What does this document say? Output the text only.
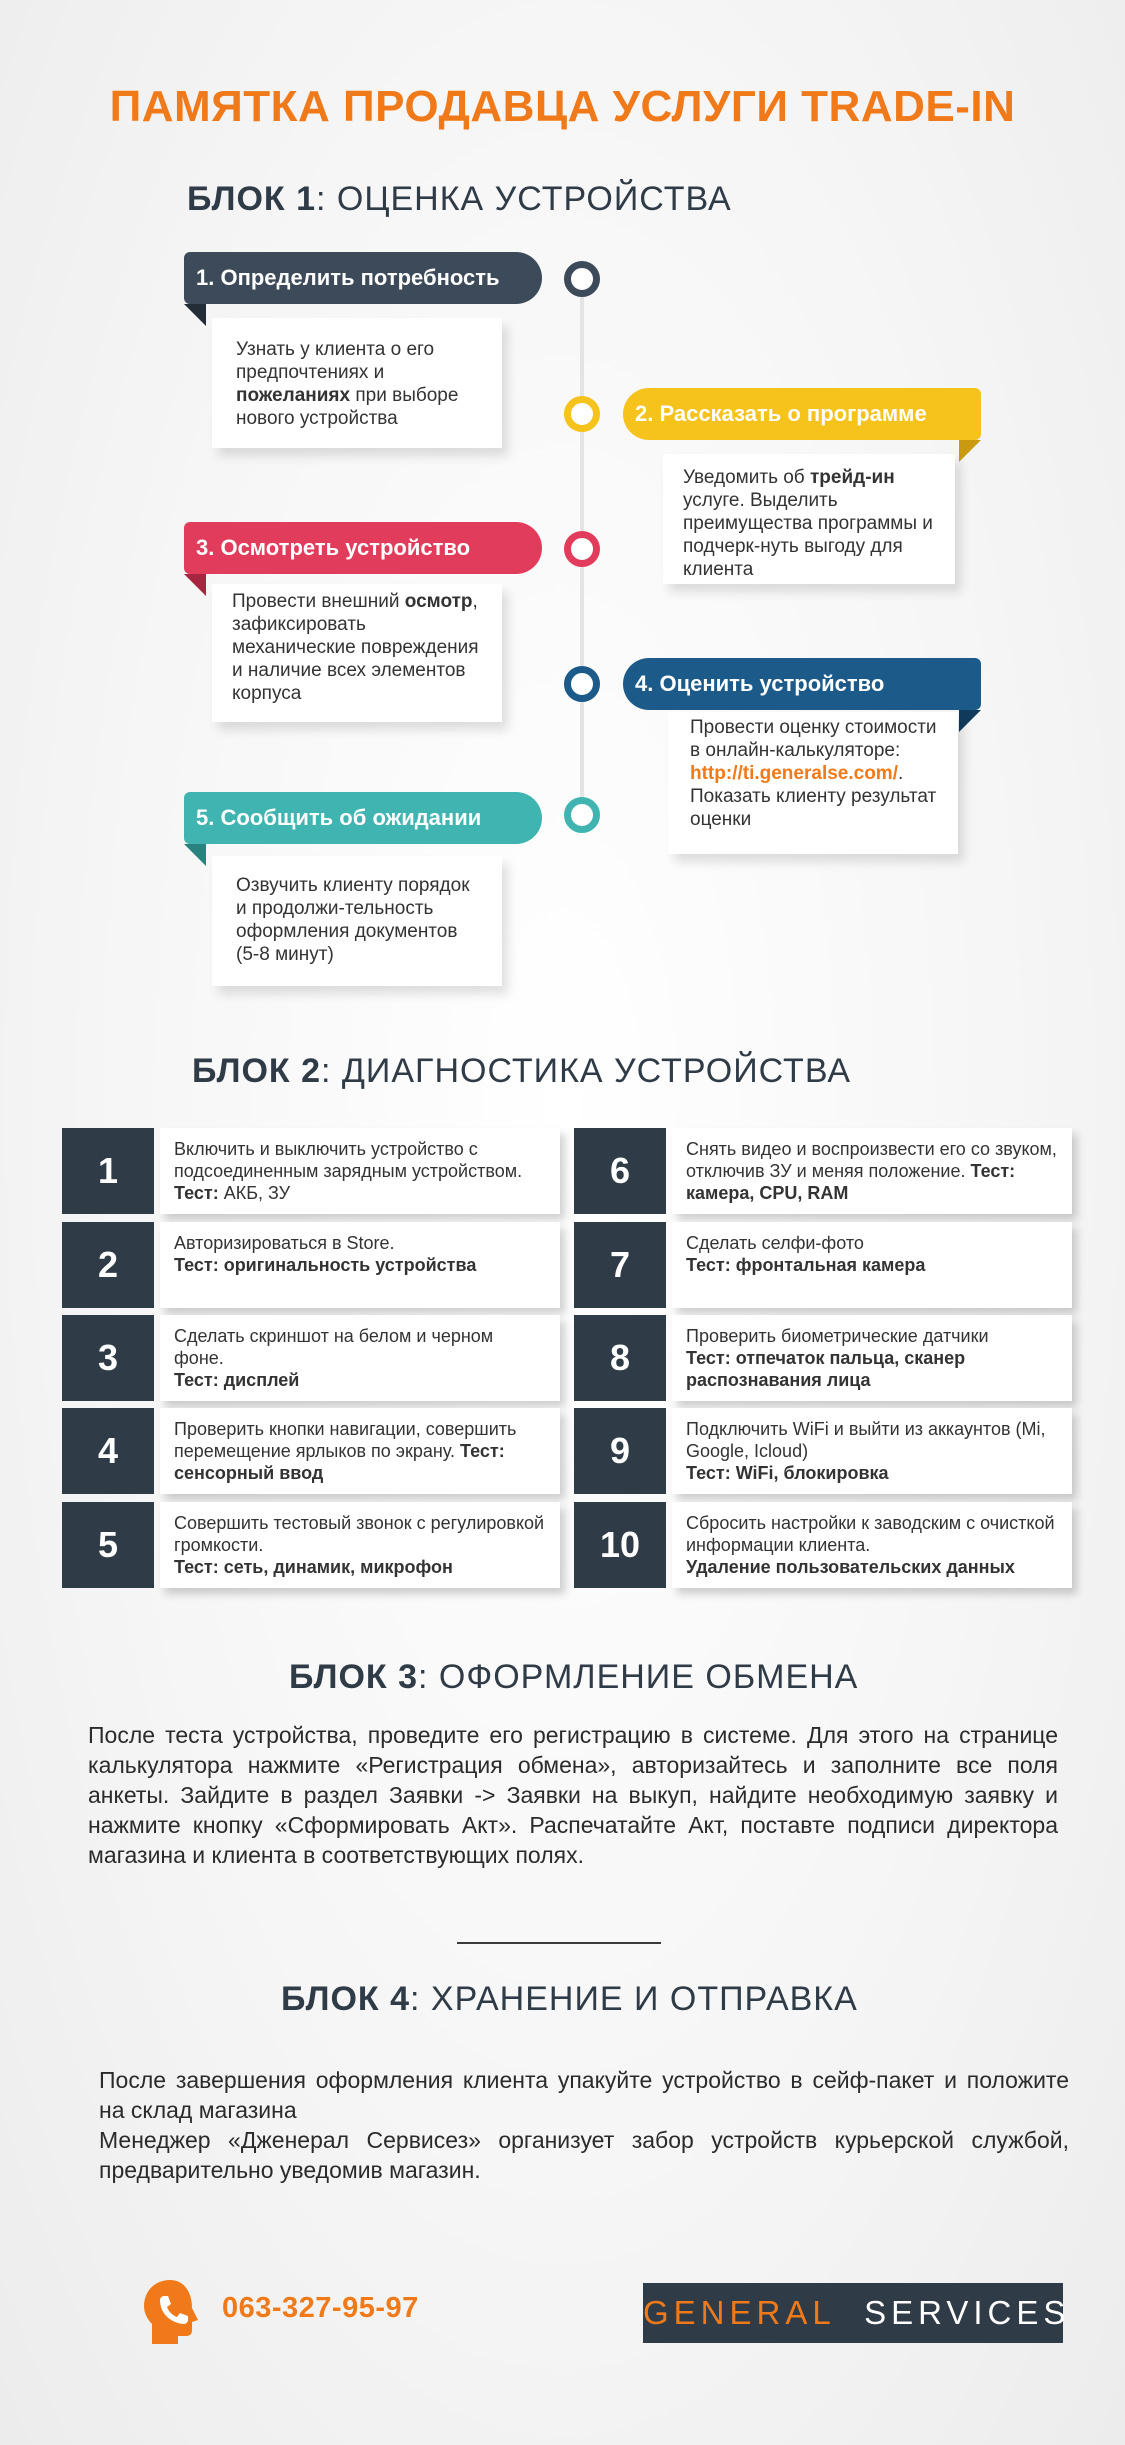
ПАМЯТКА ПРОДАВЦА УСЛУГИ TRADE-IN
БЛОК 1: ОЦЕНКА УСТРОЙСТВА
1. Определить потребность
Узнать у клиента о его предпочтениях и пожеланиях при выборе нового устройства	2. Рассказать о программе
Уведомить об трейд-ин услуге. Выделить преимущества программы и подчерк-нуть выгоду для клиента
3. Осмотреть устройство
Провести внешний осмотр, зафиксировать механические повреждения и наличие всех элементов корпуса	4. Оценить устройство
Провести оценку стоимости в онлайн-калькуляторе: http://ti.generalse.com/. Показать клиенту результат оценки
5. Сообщить об ожидании
Озвучить клиенту порядок и продолжи-тельность оформления документов (5-8 минут)
БЛОК 2: ДИАГНОСТИКА УСТРОЙСТВА
1
Включить и выключить устройство с подсоединенным зарядным устройством. Тест: АКБ, ЗУ
2
Авторизироваться в Store.
Тест: оригинальность устройства
3
Сделать скриншот на белом и черном фоне.
Тест: дисплей
4
Проверить кнопки навигации, совершить перемещение ярлыков по экрану. Тест: сенсорный ввод
5
Совершить тестовый звонок с регулировкой громкости.
Тест: сеть, динамик, микрофон
6
Снять видео и воспроизвести его со звуком, отключив ЗУ и меняя положение. Тест: камера, CPU, RAM
7
Сделать селфи-фото
Тест: фронтальная камера
8
Проверить биометрические датчики
Тест: отпечаток пальца, сканер распознавания лица
9
Подключить WiFi и выйти из аккаунтов (Mi, Google, Icloud)
Тест: WiFi, блокировка
10
Сбросить настройки к заводским с очисткой информации клиента.
Удаление пользовательских данных
БЛОК 3: ОФОРМЛЕНИЕ ОБМЕНА
После теста устройства, проведите его регистрацию в системе. Для этого на странице калькулятора нажмите «Регистрация обмена», авторизайтесь и заполните все поля анкеты. Зайдите в раздел Заявки -> Заявки на выкуп, найдите необходимую заявку и нажмите кнопку «Сформировать Акт». Распечатайте Акт, поставте подписи директора магазина и клиента в соответствующих полях.
БЛОК 4: ХРАНЕНИЕ И ОТПРАВКА
После завершения оформления клиента упакуйте устройство в сейф-пакет и положите на склад магазина
Менеджер «Дженерал Сервисез» организует забор устройств курьерской службой, предварительно уведомив магазин.
063-327-95-97	GENERAL SERVICES
